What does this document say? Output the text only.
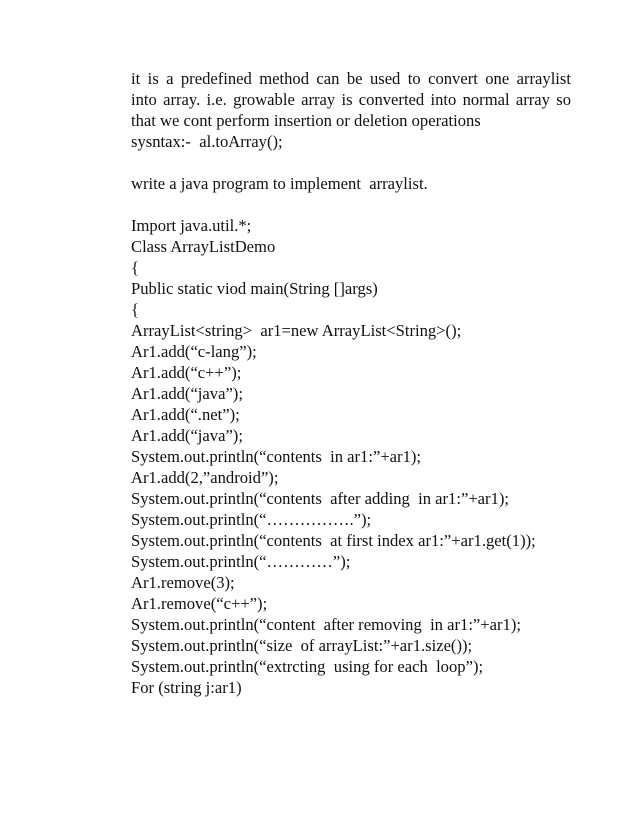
it is a predefined method can be used to convert one arraylist
into array. i.e. growable array is converted into normal array so
that we cont perform insertion or deletion operations
sysntax:-  al.toArray();
write a java program to implement  arraylist.
Import java.util.*;
Class ArrayListDemo
{
Public static viod main(String []args)
{
ArrayList<string>  ar1=new ArrayList<String>();
Ar1.add(“c-lang”);
Ar1.add(“c++”);
Ar1.add(“java”);
Ar1.add(“.net”);
Ar1.add(“java”);
System.out.println(“contents  in ar1:”+ar1);
Ar1.add(2,”android”);
System.out.println(“contents  after adding  in ar1:”+ar1);
System.out.println(“…………….”);
System.out.println(“contents  at first index ar1:”+ar1.get(1));
System.out.println(“…………”);
Ar1.remove(3);
Ar1.remove(“c++”);
System.out.println(“content  after removing  in ar1:”+ar1);
System.out.println(“size  of arrayList:”+ar1.size());
System.out.println(“extrcting  using for each  loop”);
For (string j:ar1)
